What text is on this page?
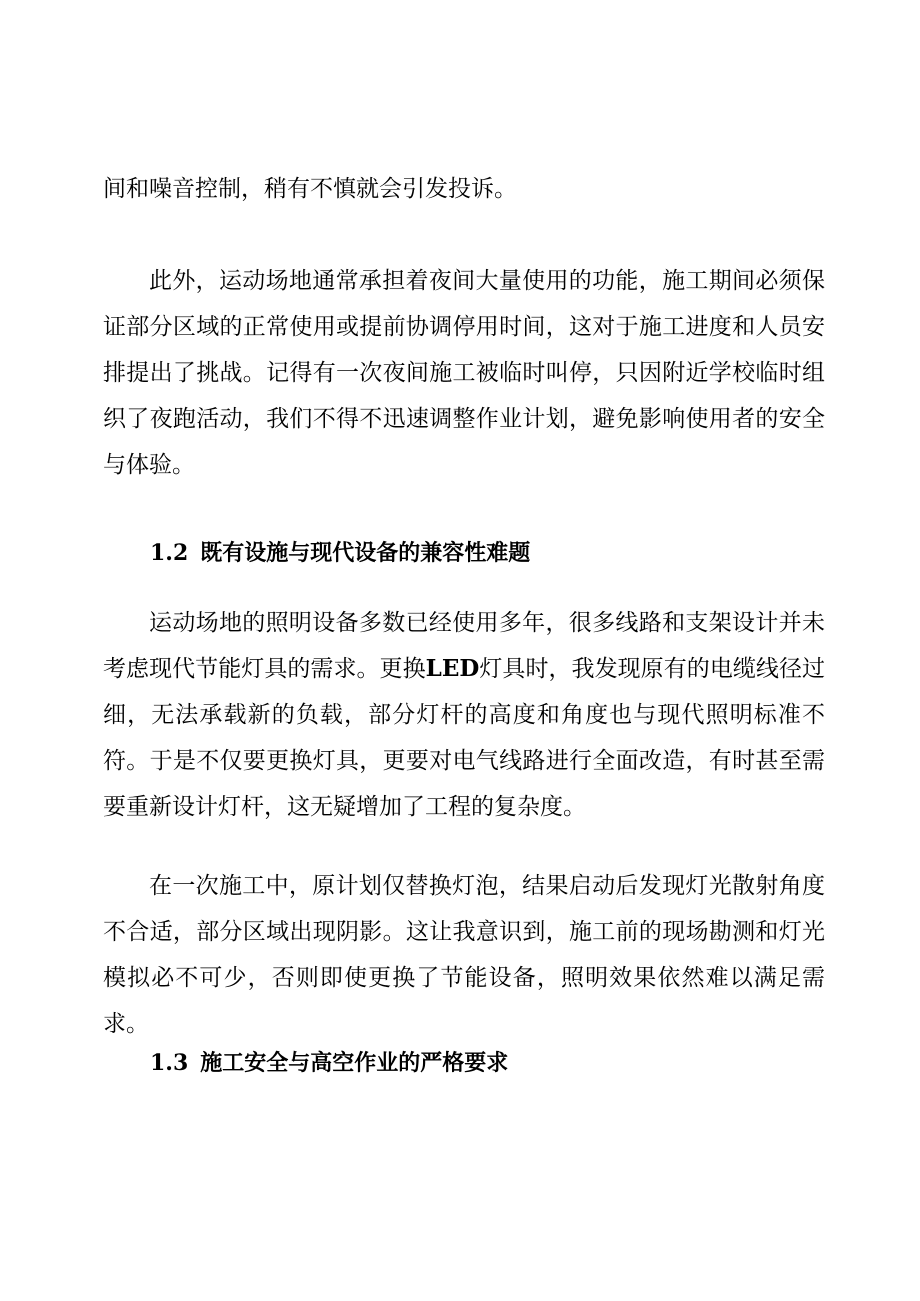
间和噪音控制，稍有不慎就会引发投诉。

此外，运动场地通常承担着夜间大量使用的功能，施工期间必须保证部分区域的正常使用或提前协调停用时间，这对于施工进度和人员安排提出了挑战。记得有一次夜间施工被临时叫停，只因附近学校临时组织了夜跑活动，我们不得不迅速调整作业计划，避免影响使用者的安全与体验。

1.2 既有设施与现代设备的兼容性难题

运动场地的照明设备多数已经使用多年，很多线路和支架设计并未考虑现代节能灯具的需求。更换LED灯具时，我发现原有的电缆线径过细，无法承载新的负载，部分灯杆的高度和角度也与现代照明标准不符。于是不仅要更换灯具，更要对电气线路进行全面改造，有时甚至需要重新设计灯杆，这无疑增加了工程的复杂度。

在一次施工中，原计划仅替换灯泡，结果启动后发现灯光散射角度不合适，部分区域出现阴影。这让我意识到，施工前的现场勘测和灯光模拟必不可少，否则即使更换了节能设备，照明效果依然难以满足需求。

1.3 施工安全与高空作业的严格要求
